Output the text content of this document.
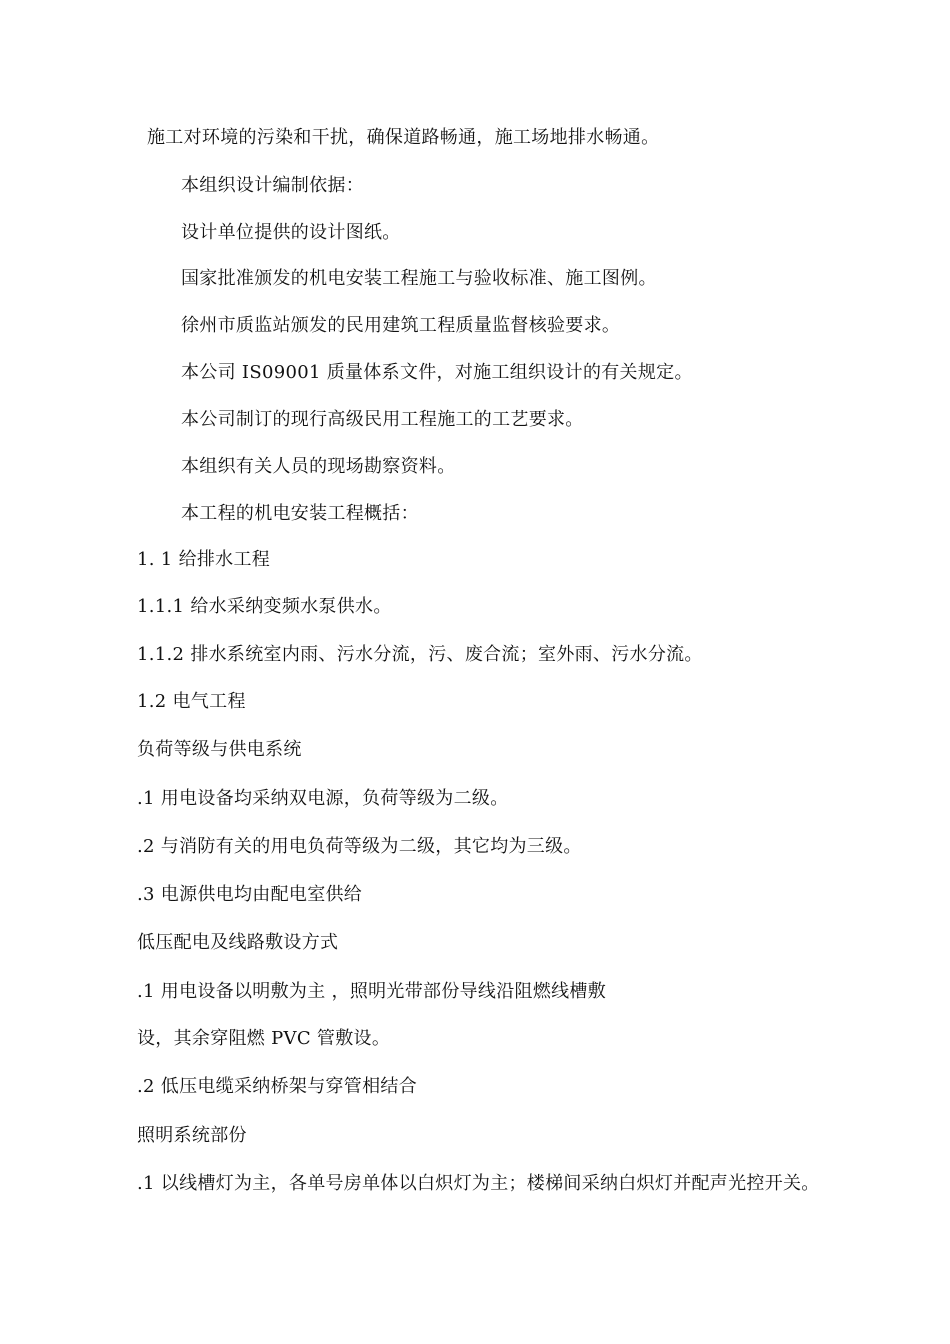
施工对环境的污染和干扰，确保道路畅通，施工场地排水畅通。

本组织设计编制依据：

设计单位提供的设计图纸。

国家批准颁发的机电安装工程施工与验收标准、施工图例。

徐州市质监站颁发的民用建筑工程质量监督核验要求。

本公司 IS09001 质量体系文件，对施工组织设计的有关规定。

本公司制订的现行高级民用工程施工的工艺要求。

本组织有关人员的现场勘察资料。

本工程的机电安装工程概括：

1. 1 给排水工程

1.1.1 给水采纳变频水泵供水。

1.1.2 排水系统室内雨、污水分流，污、废合流；室外雨、污水分流。

1.2 电气工程

负荷等级与供电系统

.1 用电设备均采纳双电源，负荷等级为二级。

.2 与消防有关的用电负荷等级为二级，其它均为三级。

.3 电源供电均由配电室供给

低压配电及线路敷设方式

.1 用电设备以明敷为主 ，照明光带部份导线沿阻燃线槽敷

设，其余穿阻燃 PVC 管敷设。

.2 低压电缆采纳桥架与穿管相结合

照明系统部份

.1 以线槽灯为主，各单号房单体以白炽灯为主；楼梯间采纳白炽灯并配声光控开关。
